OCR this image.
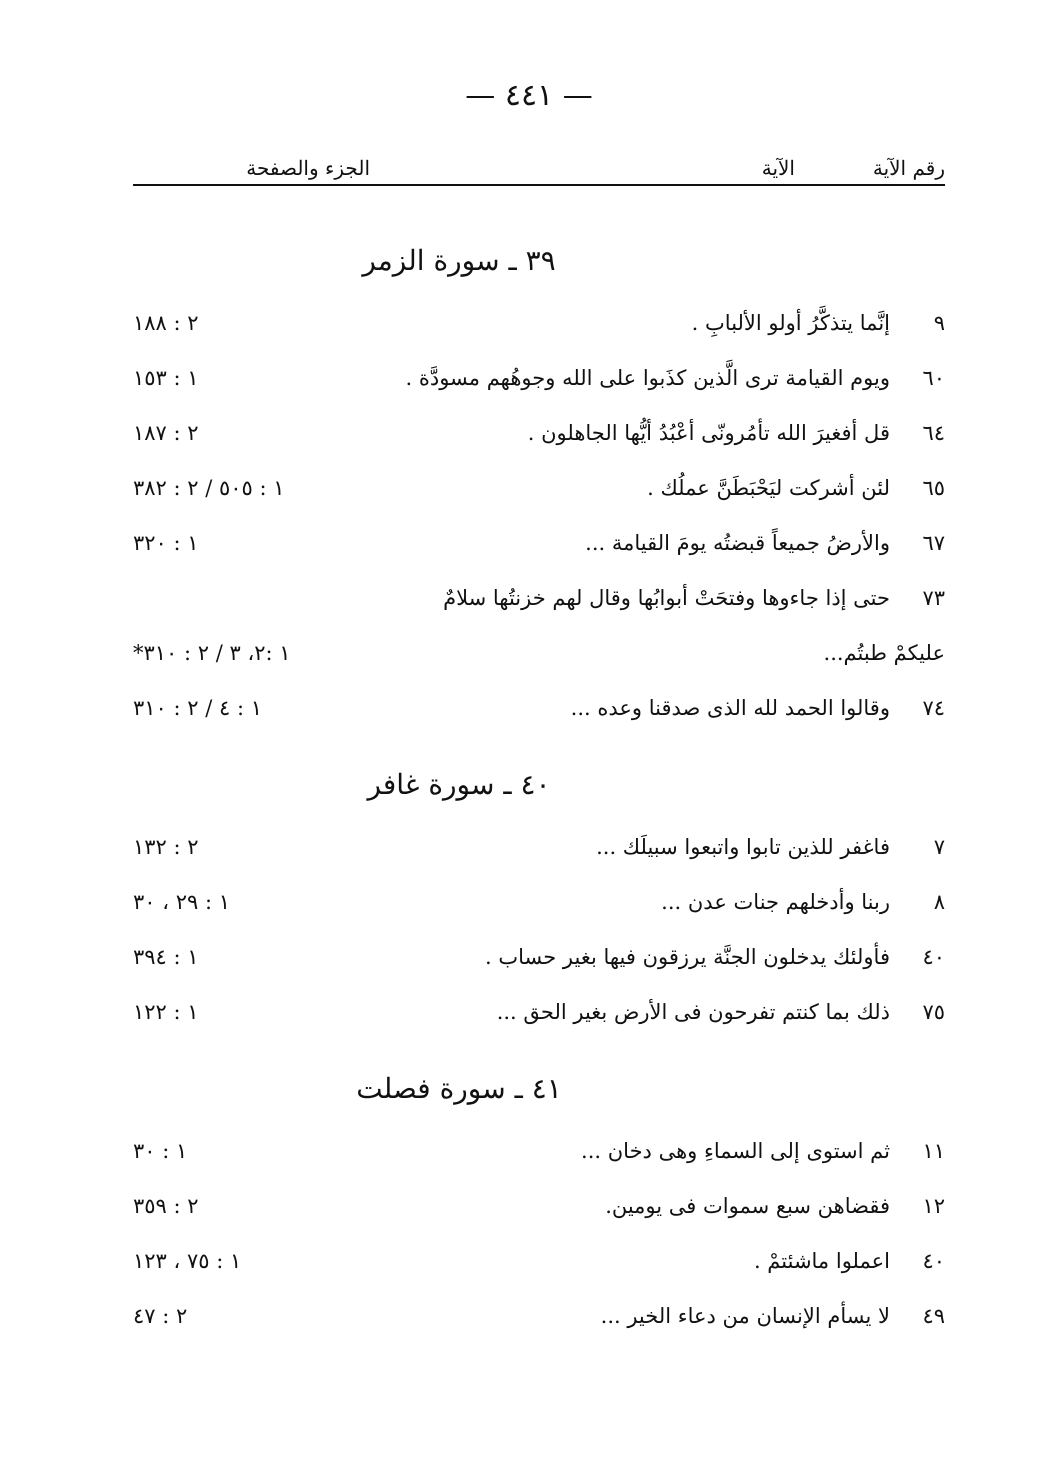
— ٤٤١ —
رقم الآية
الآية
الجزء والصفحة
٣٩ ـ سورة الزمر
٩
إنَّما يتذكَّرُ أولو الألبابِ .
٢ : ١٨٨
٦٠
ويوم القيامة ترى الَّذين كذَبوا على الله وجوهُهم مسودَّة .
١ : ١٥٣
٦٤
قل أفغيرَ الله تأمُرونّى أعْبُدُ أيُّها الجاهلون .
٢ : ١٨٧
٦٥
لئن أشركت ليَحْبَطَنَّ عملُك .
١ : ٥٠٥ / ٢ : ٣٨٢
٦٧
والأرضُ جميعاً قبضتُه يومَ القيامة ...
١ : ٣٢٠
٧٣
حتى إذا جاءوها وفتحَتْ أبوابُها وقال لهم خزنتُها سلامٌ
عليكمْ طبتُم...
١ :٢، ٣ / ٢ : ٣١٠*
٧٤
وقالوا الحمد لله الذى صدقنا وعده ...
١ : ٤ / ٢ : ٣١٠
٤٠ ـ سورة غافر
٧
فاغفر للذين تابوا واتبعوا سبيلَك ...
٢ : ١٣٢
٨
ربنا وأدخلهم جنات عدن ...
١ : ٢٩ ، ٣٠
٤٠
فأولئك يدخلون الجنَّة يرزقون فيها بغير حساب .
١ : ٣٩٤
٧٥
ذلك بما كنتم تفرحون فى الأرض بغير الحق ...
١ : ١٢٢
٤١ ـ سورة فصلت
١١
ثم استوى إلى السماءِ وهى دخان ...
١ : ٣٠
١٢
فقضاهن سبع سموات فى يومين.
٢ : ٣٥٩
٤٠
اعملوا ماشئتمْ .
١ : ٧٥ ، ١٢٣
٤٩
لا يسأم الإنسان من دعاء الخير ...
٢ : ٤٧
